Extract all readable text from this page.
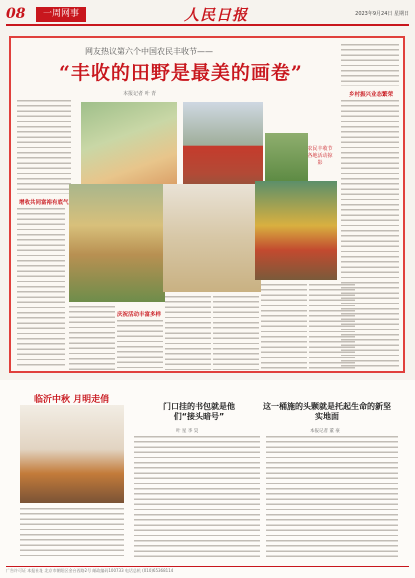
08	一周网事	人民日报	2023年9月24日 星期日
网友热议第六个中国农民丰收节——
“丰收的田野是最美的画卷”
本报记者 叶 青
增收共同富裕有底气
农民丰收节各地活动掠影
庆祝活动丰富多样
乡村振兴业态繁荣
临沂中秋 月明走俏
门口挂的书包就是他们“接头暗号”
叶 星 李 昊
这一桶施的头颗就是托起生命的新坚实地面
本报记者 董 豪
广告许可证 本报社址 北京市朝阳区金台西路2号 邮政编码100733 电话总机 (010)65368114
